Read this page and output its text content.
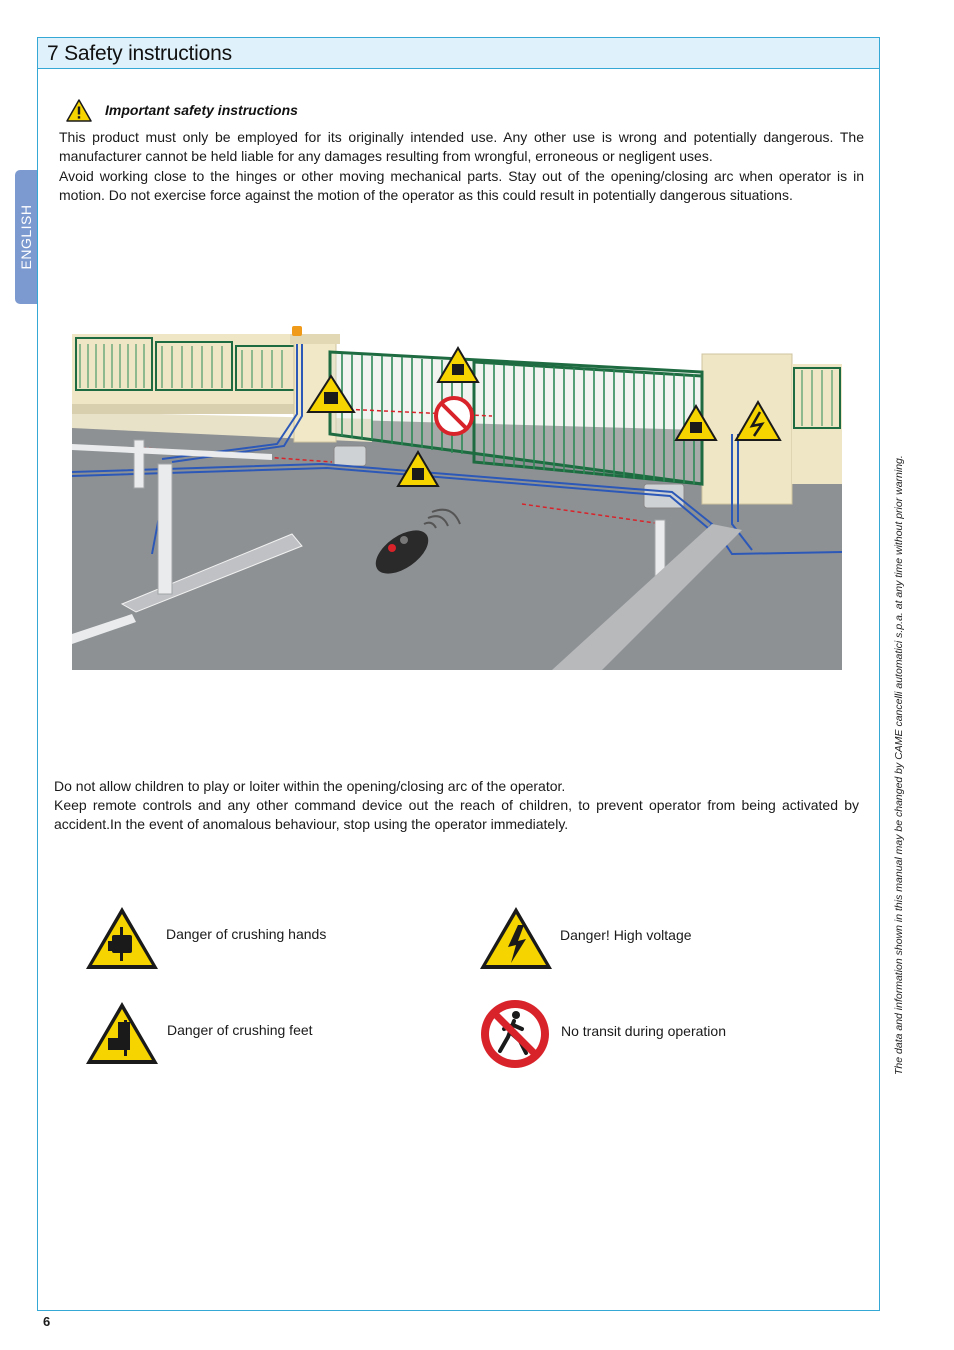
7 Safety instructions
ENGLISH
The data and information shown in this manual may be changed by CAME cancelli automatici s.p.a. at any time without prior warning.
Important safety instructions

This product must only be employed for its originally intended use. Any other use is wrong and potentially dangerous. The manufacturer cannot be held liable for any damages resulting from wrongful, erroneous or negligent uses.

Avoid working close to the hinges or other moving mechanical parts. Stay out of the opening/closing arc when operator is in motion. Do not exercise force against the motion of the operator as this could result in potentially dangerous situations.

Do not allow children to play or loiter within the opening/closing arc of the operator.

Keep remote controls and any other command device out the reach of children, to prevent operator from being activated by accident.In the event of anomalous behaviour, stop using the operator immediately.

Danger of crushing hands	Danger! High voltage
Danger of crushing feet	No transit during operation
6
